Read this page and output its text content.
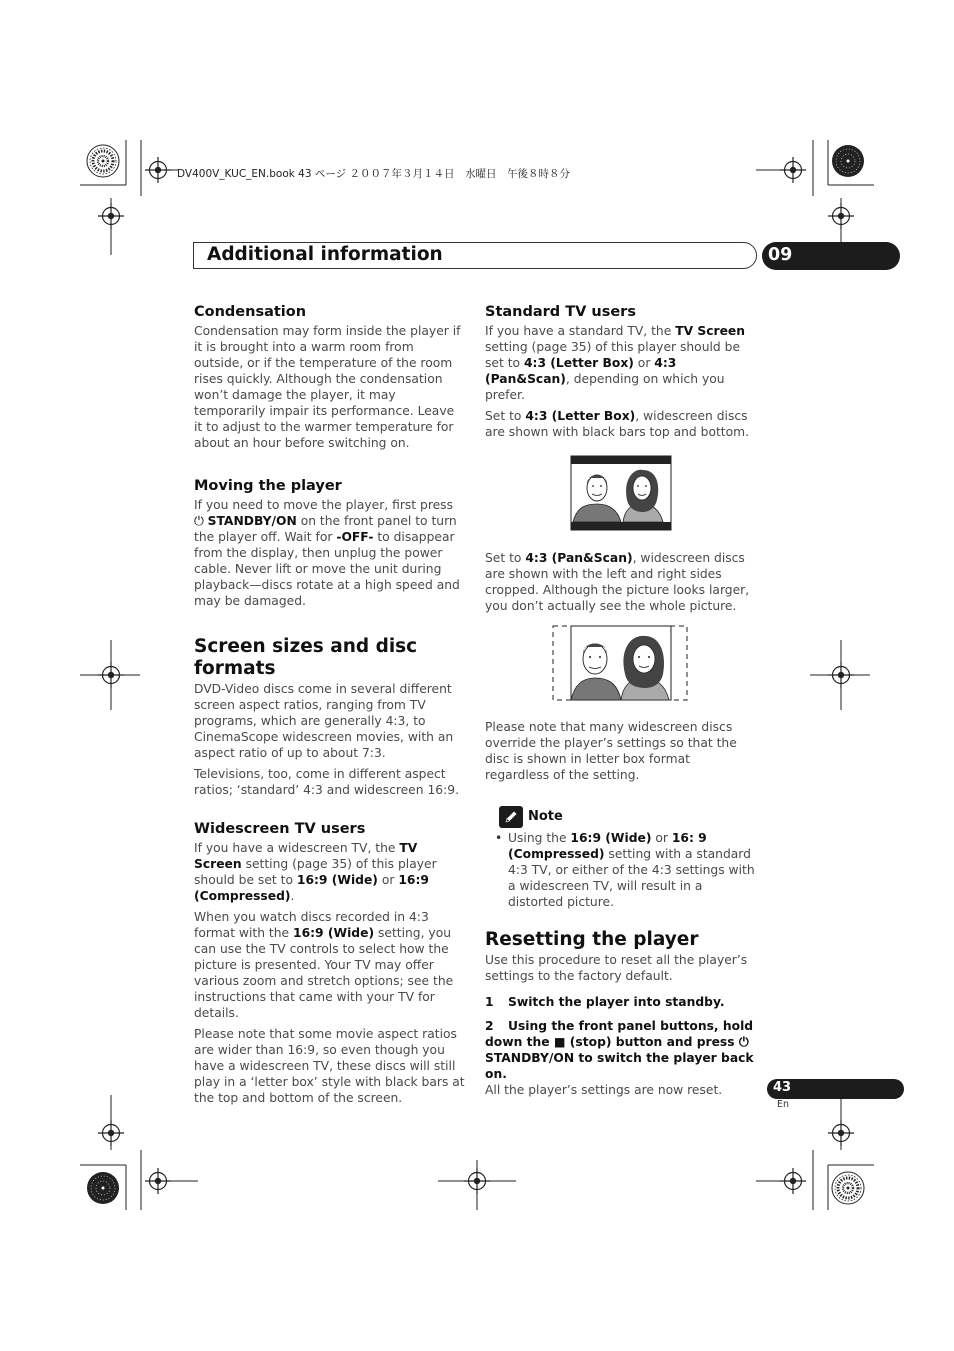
DV400V_KUC_EN.book 43 ページ ２００７年３月１４日　水曜日　午後８時８分
Additional information	09
Condensation

Condensation may form inside the player if it is brought into a warm room from outside, or if the temperature of the room rises quickly. Although the condensation won’t damage the player, it may temporarily impair its performance. Leave it to adjust to the warmer temperature for about an hour before switching on.

Moving the player

If you need to move the player, first press ⏻ STANDBY/ON on the front panel to turn the player off. Wait for -OFF- to disappear from the display, then unplug the power cable. Never lift or move the unit during playback—discs rotate at a high speed and may be damaged.

Screen sizes and disc formats

DVD-Video discs come in several different screen aspect ratios, ranging from TV programs, which are generally 4:3, to CinemaScope widescreen movies, with an aspect ratio of up to about 7:3.

Televisions, too, come in different aspect ratios; ‘standard’ 4:3 and widescreen 16:9.

Widescreen TV users

If you have a widescreen TV, the TV Screen setting (page 35) of this player should be set to 16:9 (Wide) or 16:9 (Compressed).

When you watch discs recorded in 4:3 format with the 16:9 (Wide) setting, you can use the TV controls to select how the picture is presented. Your TV may offer various zoom and stretch options; see the instructions that came with your TV for details.

Please note that some movie aspect ratios are wider than 16:9, so even though you have a widescreen TV, these discs will still play in a ‘letter box’ style with black bars at the top and bottom of the screen.

Standard TV users

If you have a standard TV, the TV Screen setting (page 35) of this player should be set to 4:3 (Letter Box) or 4:3 (Pan&Scan), depending on which you prefer.

Set to 4:3 (Letter Box), widescreen discs are shown with black bars top and bottom.

Set to 4:3 (Pan&Scan), widescreen discs are shown with the left and right sides cropped. Although the picture looks larger, you don’t actually see the whole picture.

Please note that many widescreen discs override the player’s settings so that the disc is shown in letter box format regardless of the setting.

Note
• Using the 16:9 (Wide) or 16: 9 (Compressed) setting with a standard 4:3 TV, or either of the 4:3 settings with a widescreen TV, will result in a distorted picture.
Resetting the player

Use this procedure to reset all the player’s settings to the factory default.

1 Switch the player into standby.

2 Using the front panel buttons, hold down the ■ (stop) button and press ⏻ STANDBY/ON to switch the player back on.

All the player’s settings are now reset.	43
En
